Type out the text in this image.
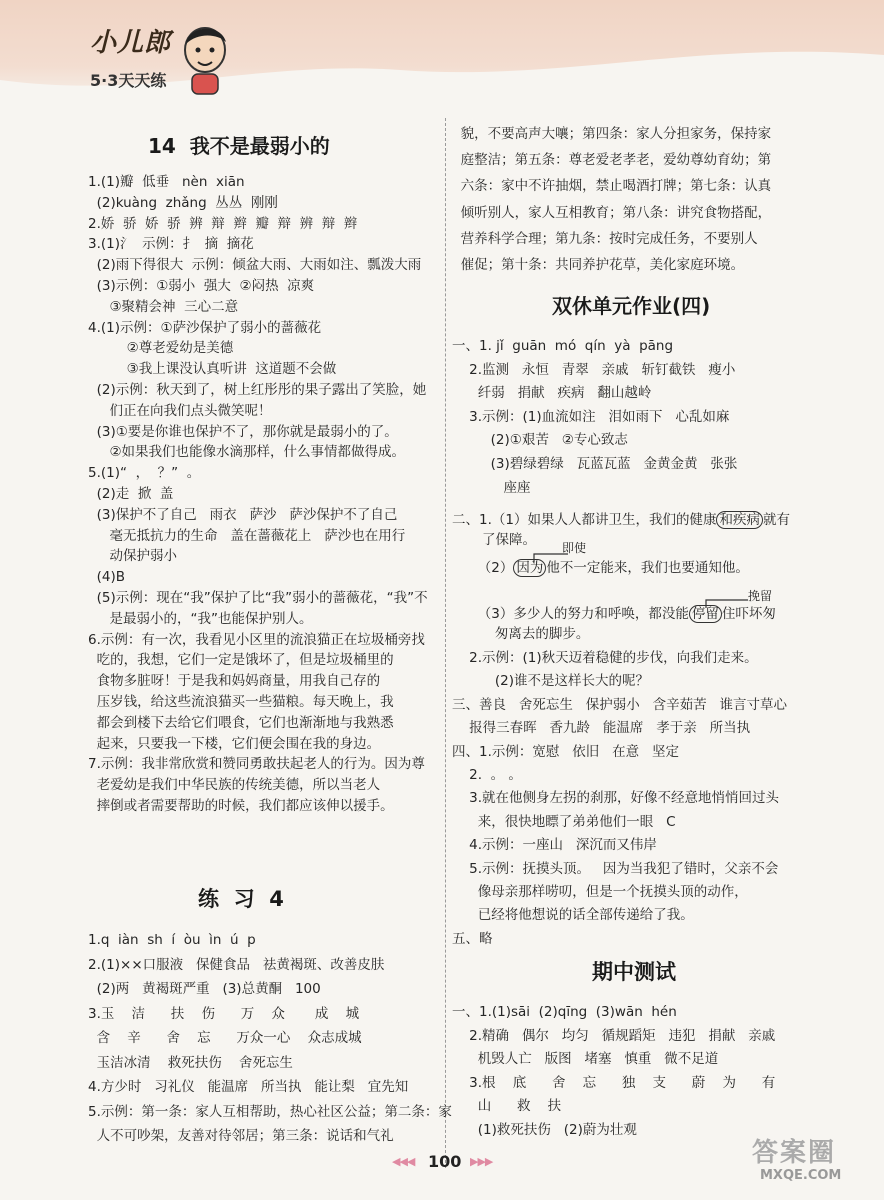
小儿郎
5·3天天练
14  我不是最弱小的
1.(1)瓣  低垂   nèn  xiān
(2)kuàng  zhǎng  丛丛  刚刚
2.娇  骄  娇  骄  辨  辩  辫  瓣  辩  辨  辩  辫
3.(1)氵  示例：扌  摘  摘花
(2)雨下得很大  示例：倾盆大雨、大雨如注、瓢泼大雨
(3)示例：①弱小  强大  ②闷热  凉爽
③聚精会神  三心二意
4.(1)示例：①萨沙保护了弱小的蔷薇花
②尊老爱幼是美德
③我上课没认真听讲  这道题不会做
(2)示例：秋天到了，树上红彤彤的果子露出了笑脸，她
们正在向我们点头微笑呢！
(3)①要是你谁也保护不了，那你就是最弱小的了。
②如果我们也能像水滴那样，什么事情都做得成。
5.(1)“  ，  ？”  。
(2)走  掀  盖
(3)保护不了自己   雨衣   萨沙   萨沙保护不了自己
毫无抵抗力的生命   盖在蔷薇花上   萨沙也在用行
动保护弱小
(4)B
(5)示例：现在“我”保护了比“我”弱小的蔷薇花，“我”不
是最弱小的，“我”也能保护别人。
6.示例：有一次，我看见小区里的流浪猫正在垃圾桶旁找
吃的，我想，它们一定是饿坏了，但是垃圾桶里的
食物多脏呀！于是我和妈妈商量，用我自己存的
压岁钱，给这些流浪猫买一些猫粮。每天晚上，我
都会到楼下去给它们喂食，它们也渐渐地与我熟悉
起来，只要我一下楼，它们便会围在我的身边。
7.示例：我非常欣赏和赞同勇敢扶起老人的行为。因为尊
老爱幼是我们中华民族的传统美德，所以当老人
摔倒或者需要帮助的时候，我们都应该伸以援手。
练  习  4
1.q  iàn  sh  í  òu  ìn  ú  p
2.(1)××口服液   保健食品   祛黄褐斑、改善皮肤
(2)两   黄褐斑严重   (3)总黄酮   100
3.玉    洁      扶    伤      万    众       成    城
含    辛      舍    忘      万众一心    众志成城
玉洁冰清    救死扶伤    舍死忘生
4.方少时   习礼仪   能温席   所当执   能让梨   宜先知
5.示例：第一条：家人互相帮助，热心社区公益；第二条：家
人不可吵架，友善对待邻居；第三条：说话和气礼
貌，不要高声大嚷；第四条：家人分担家务，保持家
庭整洁；第五条：尊老爱老孝老，爱幼尊幼育幼；第
六条：家中不许抽烟，禁止喝酒打牌；第七条：认真
倾听别人，家人互相教育；第八条：讲究食物搭配，
营养科学合理；第九条：按时完成任务，不要别人
催促；第十条：共同养护花草，美化家庭环境。
双休单元作业(四)
一、1. jǐ  guān  mó  qín  yà  pāng
2.监测   永恒   青翠   亲戚   斩钉截铁   瘦小
纤弱   捐献   疾病   翻山越岭
3.示例：(1)血流如注   泪如雨下   心乱如麻
(2)①艰苦   ②专心致志
(3)碧绿碧绿   瓦蓝瓦蓝   金黄金黄   张张
座座
二、1.（1）如果人人都讲卫生，我们的健康 和疾病 就有
了保障。 即使
（2） 因为 他不一定能来，我们也要通知他。
挽留
（3）多少人的努力和呼唤，都没能 停留 住吓坏匆
匆离去的脚步。
2.示例：(1)秋天迈着稳健的步伐，向我们走来。
(2)谁不是这样长大的呢？
三、善良   舍死忘生   保护弱小   含辛茹苦   谁言寸草心
报得三春晖   香九龄   能温席   孝于亲   所当执
四、1.示例：宽慰   依旧   在意   坚定
2.  。 。
3.就在他侧身左拐的刹那，好像不经意地悄悄回过头
来，很快地瞟了弟弟他们一眼   C
4.示例：一座山   深沉而又伟岸
5.示例：抚摸头顶。   因为当我犯了错时，父亲不会
像母亲那样唠叨，但是一个抚摸头顶的动作，
已经将他想说的话全部传递给了我。
五、略
期中测试
一、1.(1)sāi  (2)qīng  (3)wān  hén
2.精确   偶尔   均匀   循规蹈矩   违犯   捐献   亲戚
机毁人亡   版图   堵塞   慎重   微不足道
3.根    底      舍    忘      独    支      蔚    为      有
山      救    扶
(1)救死扶伤   (2)蔚为壮观
◀◀◀ 100 ▶▶▶	答案圈
MXQE.COM
